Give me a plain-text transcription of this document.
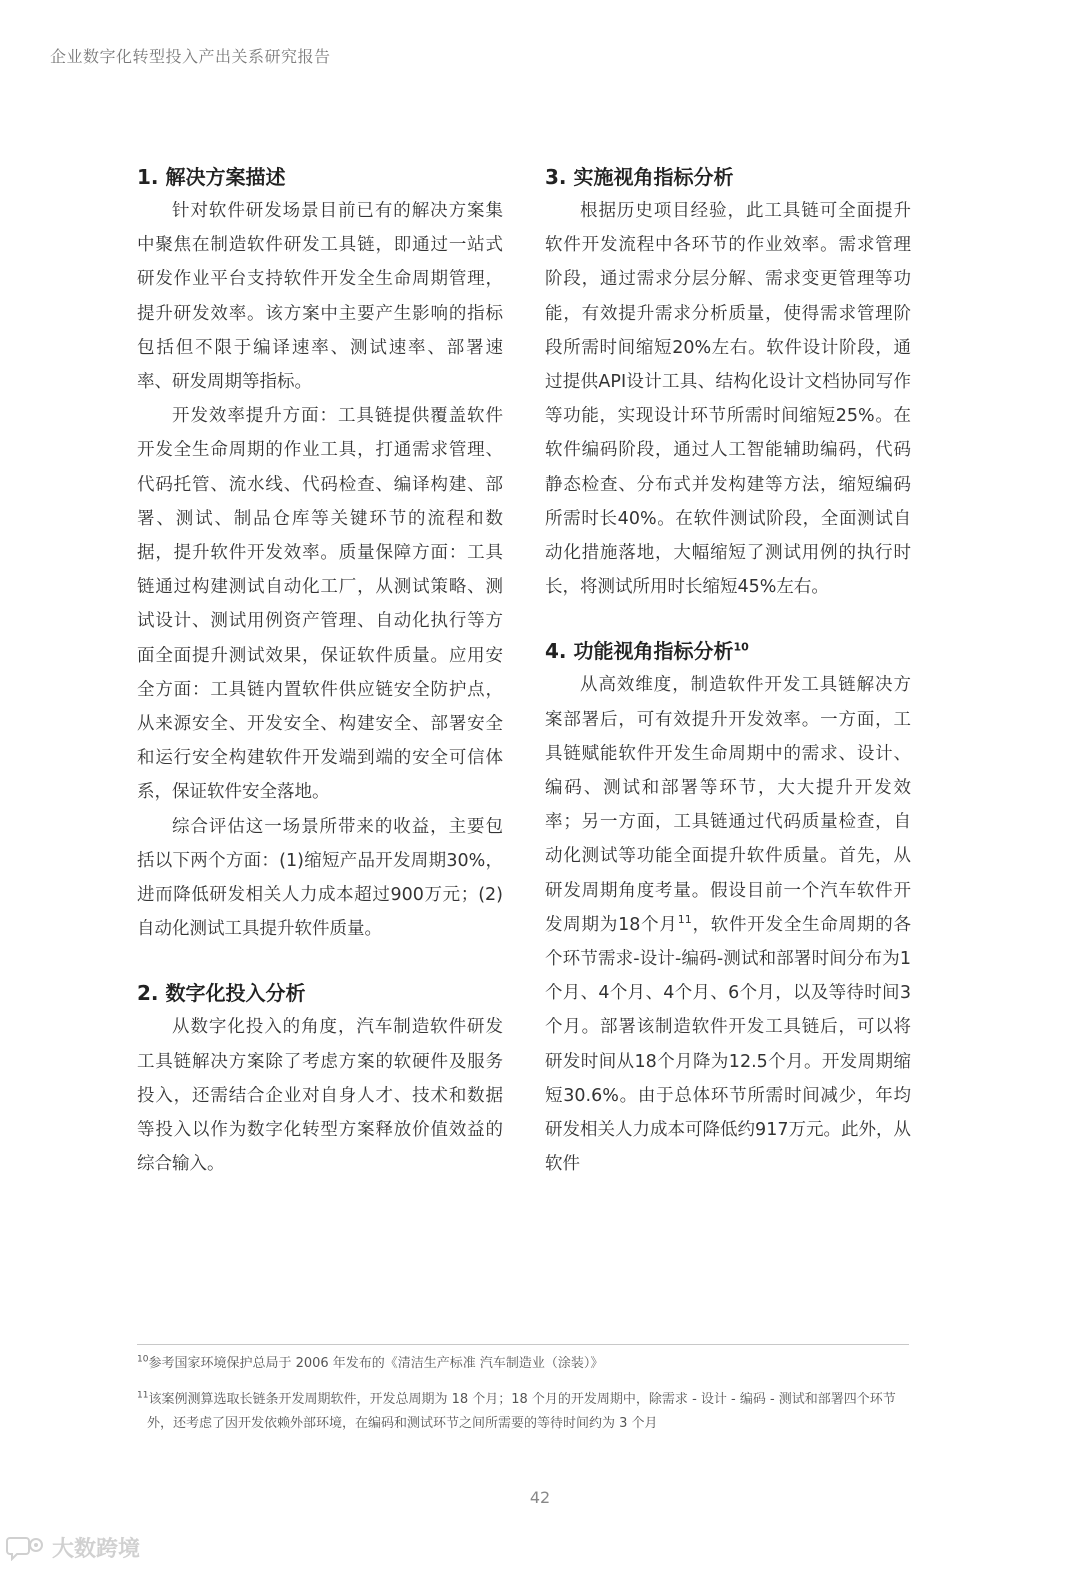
企业数字化转型投入产出关系研究报告
1. 解决方案描述

针对软件研发场景目前已有的解决方案集中聚焦在制造软件研发工具链，即通过一站式研发作业平台支持软件开发全生命周期管理，提升研发效率。该方案中主要产生影响的指标包括但不限于编译速率、测试速率、部署速率、研发周期等指标。

开发效率提升方面：工具链提供覆盖软件开发全生命周期的作业工具，打通需求管理、代码托管、流水线、代码检查、编译构建、部署、测试、制品仓库等关键环节的流程和数据，提升软件开发效率。质量保障方面：工具链通过构建测试自动化工厂，从测试策略、测试设计、测试用例资产管理、自动化执行等方面全面提升测试效果，保证软件质量。应用安全方面：工具链内置软件供应链安全防护点，从来源安全、开发安全、构建安全、部署安全和运行安全构建软件开发端到端的安全可信体系，保证软件安全落地。

综合评估这一场景所带来的收益，主要包括以下两个方面：(1)缩短产品开发周期30%，进而降低研发相关人力成本超过900万元；(2)自动化测试工具提升软件质量。

2. 数字化投入分析

从数字化投入的角度，汽车制造软件研发工具链解决方案除了考虑方案的软硬件及服务投入，还需结合企业对自身人才、技术和数据等投入以作为数字化转型方案释放价值效益的综合输入。

3. 实施视角指标分析

根据历史项目经验，此工具链可全面提升软件开发流程中各环节的作业效率。需求管理阶段，通过需求分层分解、需求变更管理等功能，有效提升需求分析质量，使得需求管理阶段所需时间缩短20%左右。软件设计阶段，通过提供API设计工具、结构化设计文档协同写作等功能，实现设计环节所需时间缩短25%。在软件编码阶段，通过人工智能辅助编码，代码静态检查、分布式并发构建等方法，缩短编码所需时长40%。在软件测试阶段，全面测试自动化措施落地，大幅缩短了测试用例的执行时长，将测试所用时长缩短45%左右。

4. 功能视角指标分析$^{10}$

从高效维度，制造软件开发工具链解决方案部署后，可有效提升开发效率。一方面，工具链赋能软件开发生命周期中的需求、设计、编码、测试和部署等环节，大大提升开发效率；另一方面，工具链通过代码质量检查，自动化测试等功能全面提升软件质量。首先，从研发周期角度考量。假设目前一个汽车软件开发周期为18个月$^{11}$，软件开发全生命周期的各个环节需求-设计-编码-测试和部署时间分布为1个月、4个月、4个月、6个月，以及等待时间3个月。部署该制造软件开发工具链后，可以将研发时间从18个月降为12.5个月。开发周期缩短30.6%。由于总体环节所需时间减少，年均研发相关人力成本可降低约917万元。此外，从软件

$^{10}$参考国家环境保护总局于 2006 年发布的《清洁生产标准 汽车制造业（涂装）》
$^{11}$该案例测算选取长链条开发周期软件，开发总周期为 18 个月；18 个月的开发周期中，除需求 - 设计 - 编码 - 测试和部署四个环节外，还考虑了因开发依赖外部环境，在编码和测试环节之间所需要的等待时间约为 3 个月
42
大数跨境
